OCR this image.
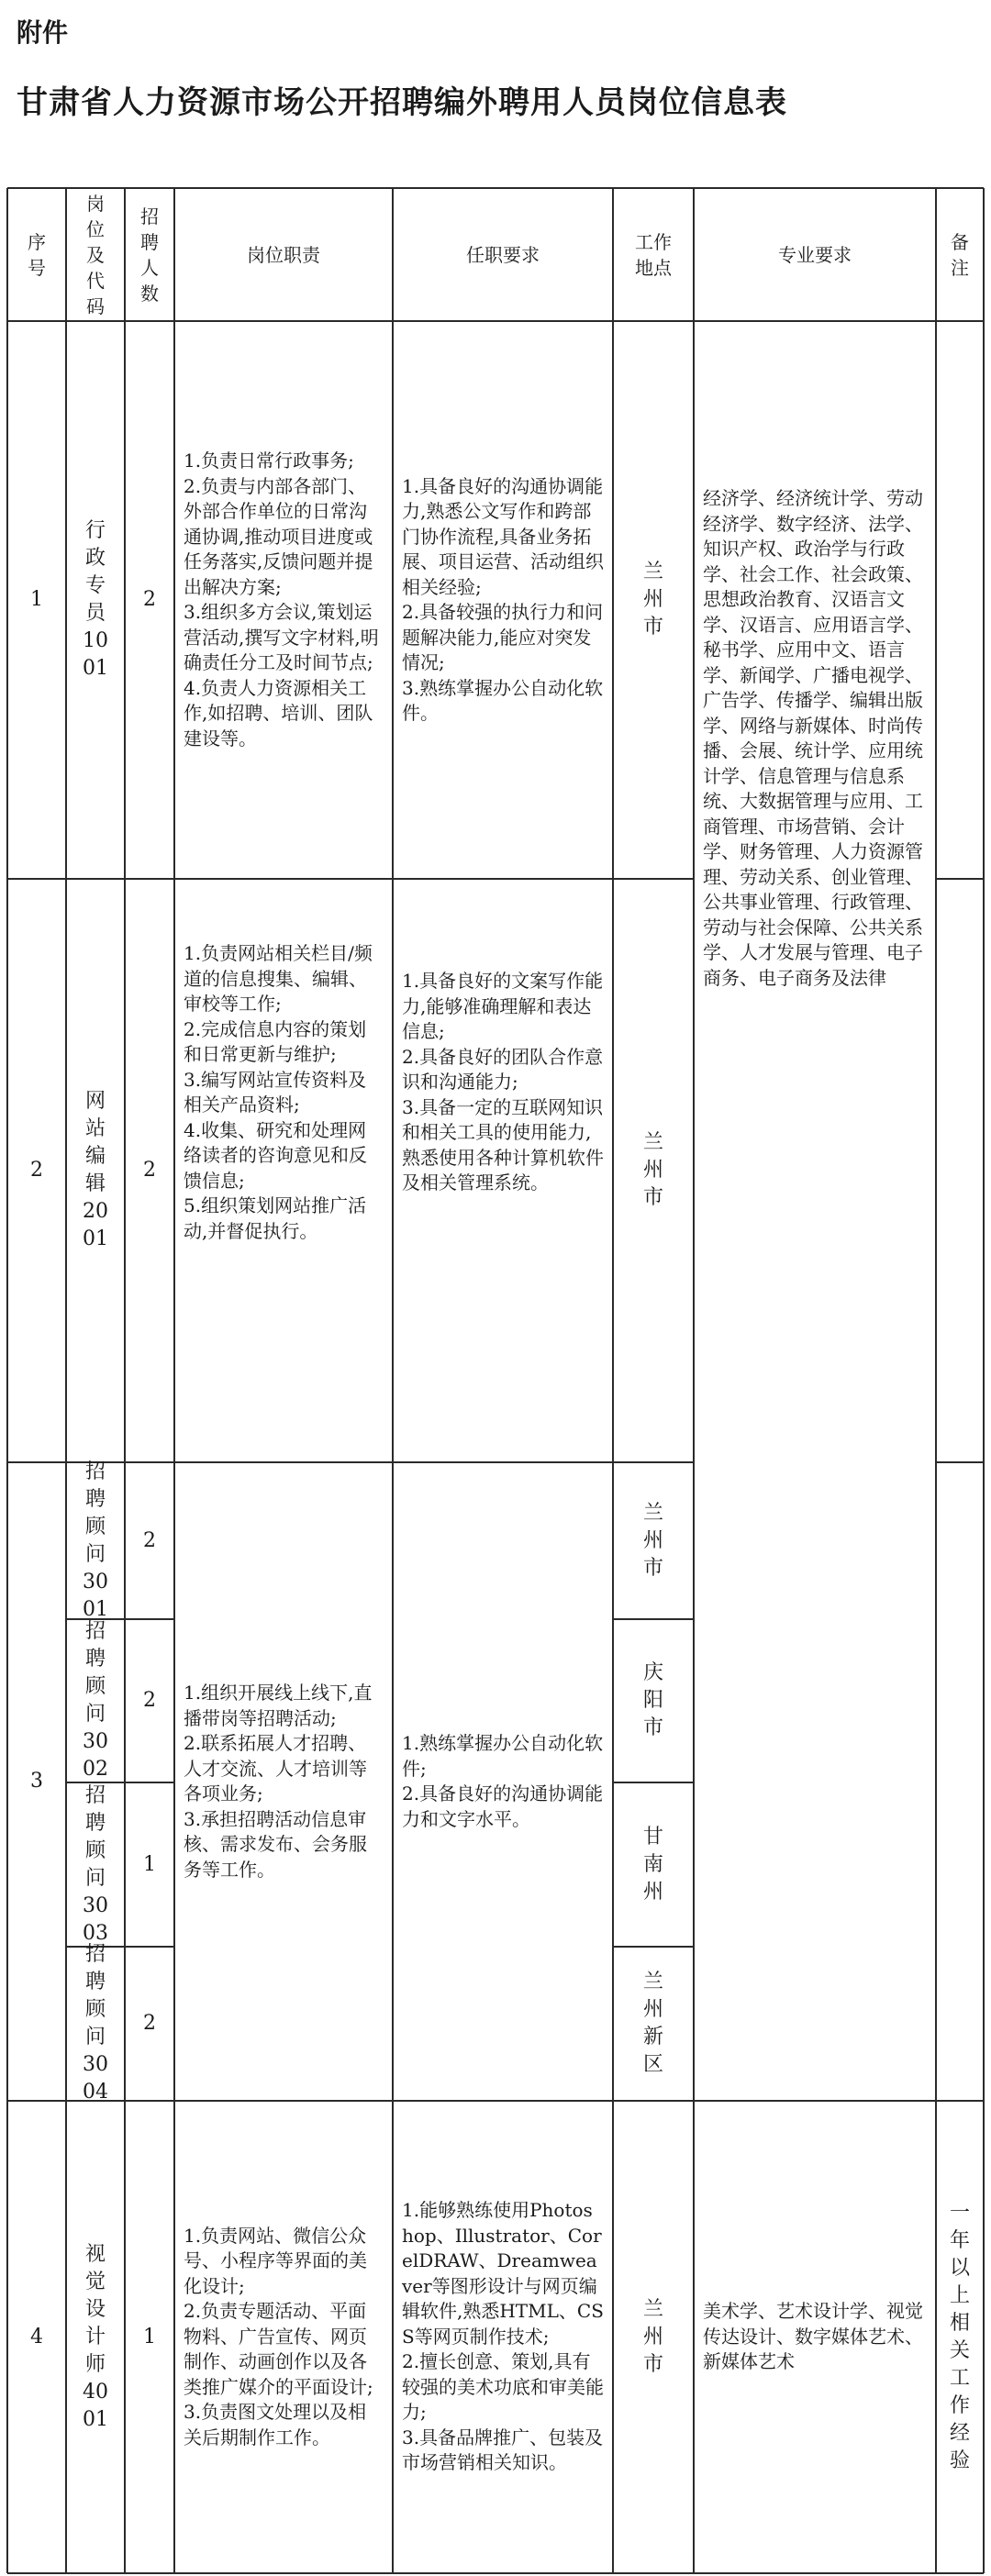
附件
甘肃省人力资源市场公开招聘编外聘用人员岗位信息表
序号
岗位及代码
招聘人数
岗位职责	任职要求
工作地点
专业要求
备注
1
行政专员1001
2
1.负责日常行政事务;
2.负责与内部各部门、外部合作单位的日常沟通协调,推动项目进度或任务落实,反馈问题并提出解决方案;
3.组织多方会议,策划运营活动,撰写文字材料,明确责任分工及时间节点;
4.负责人力资源相关工作,如招聘、培训、团队建设等。
1.具备良好的沟通协调能力,熟悉公文写作和跨部门协作流程,具备业务拓展、项目运营、活动组织相关经验;
2.具备较强的执行力和问题解决能力,能应对突发情况;
3.熟练掌握办公自动化软件。
兰州市
经济学、经济统计学、劳动经济学、数字经济、法学、知识产权、政治学与行政学、社会工作、社会政策、思想政治教育、汉语言文学、汉语言、应用语言学、秘书学、应用中文、语言学、新闻学、广播电视学、广告学、传播学、编辑出版学、网络与新媒体、时尚传播、会展、统计学、应用统计学、信息管理与信息系统、大数据管理与应用、工商管理、市场营销、会计学、财务管理、人力资源管理、劳动关系、创业管理、公共事业管理、行政管理、劳动与社会保障、公共关系学、人才发展与管理、电子商务、电子商务及法律
2
网站编辑2001
2
1.负责网站相关栏目/频道的信息搜集、编辑、审校等工作;
2.完成信息内容的策划和日常更新与维护;
3.编写网站宣传资料及相关产品资料;
4.收集、研究和处理网络读者的咨询意见和反馈信息;
5.组织策划网站推广活动,并督促执行。
1.具备良好的文案写作能力,能够准确理解和表达信息;
2.具备良好的团队合作意识和沟通能力;
3.具备一定的互联网知识和相关工具的使用能力,熟悉使用各种计算机软件及相关管理系统。
兰州市
3
招聘顾问3001
2
兰州市
招聘顾问3002
2
庆阳市
招聘顾问3003
1
甘南州
招聘顾问3004
2
兰州新区
1.组织开展线上线下,直播带岗等招聘活动;
2.联系拓展人才招聘、人才交流、人才培训等各项业务;
3.承担招聘活动信息审核、需求发布、会务服务等工作。
1.熟练掌握办公自动化软件;
2.具备良好的沟通协调能力和文字水平。
4
视觉设计师4001
1
1.负责网站、微信公众号、小程序等界面的美化设计;
2.负责专题活动、平面物料、广告宣传、网页制作、动画创作以及各类推广媒介的平面设计;
3.负责图文处理以及相关后期制作工作。
1.能够熟练使用Photoshop、Illustrator、CorelDRAW、Dreamweaver等图形设计与网页编辑软件,熟悉HTML、CSS等网页制作技术;
2.擅长创意、策划,具有较强的美术功底和审美能力;
3.具备品牌推广、包装及市场营销相关知识。
兰州市
美术学、艺术设计学、视觉传达设计、数字媒体艺术、新媒体艺术
一年以上相关工作经验
